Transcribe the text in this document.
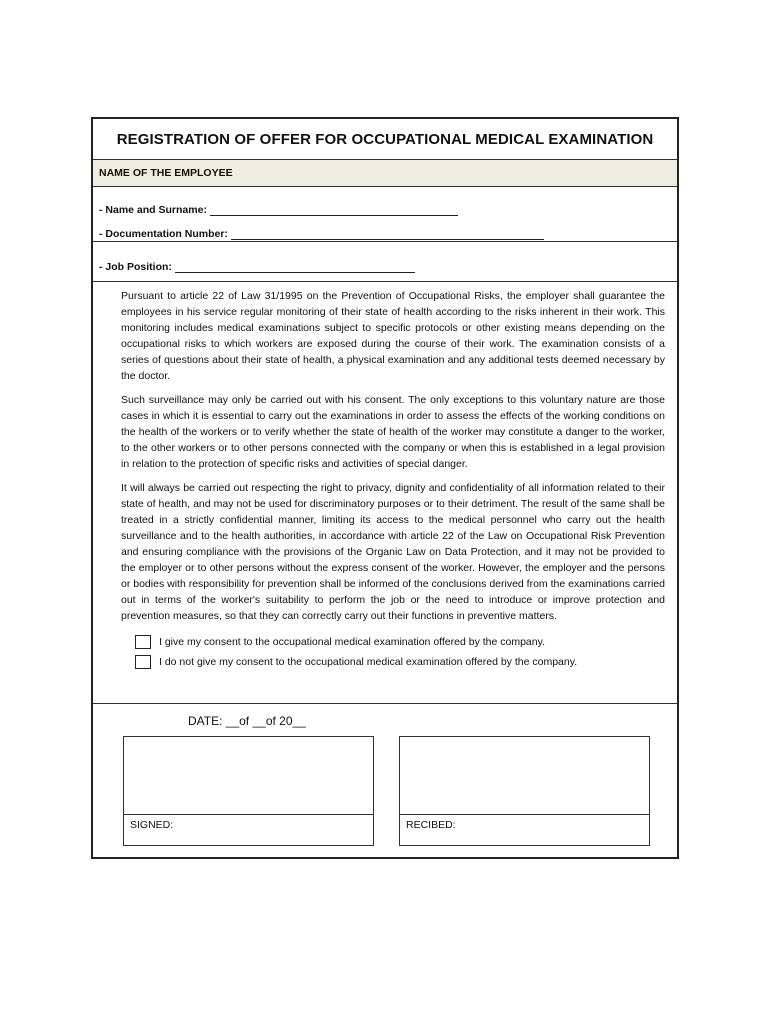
REGISTRATION OF OFFER FOR OCCUPATIONAL MEDICAL EXAMINATION
NAME OF THE EMPLOYEE
- Name and Surname:
- Documentation Number:
- Job Position:

Pursuant to article 22 of Law 31/1995 on the Prevention of Occupational Risks, the employer shall guarantee the employees in his service regular monitoring of their state of health according to the risks inherent in their work. This monitoring includes medical examinations subject to specific protocols or other existing means depending on the occupational risks to which workers are exposed during the course of their work. The examination consists of a series of questions about their state of health, a physical examination and any additional tests deemed necessary by the doctor.

Such surveillance may only be carried out with his consent. The only exceptions to this voluntary nature are those cases in which it is essential to carry out the examinations in order to assess the effects of the working conditions on the health of the workers or to verify whether the state of health of the worker may constitute a danger to the worker, to the other workers or to other persons connected with the company or when this is established in a legal provision in relation to the protection of specific risks and activities of special danger.

It will always be carried out respecting the right to privacy, dignity and confidentiality of all information related to their state of health, and may not be used for discriminatory purposes or to their detriment. The result of the same shall be treated in a strictly confidential manner, limiting its access to the medical personnel who carry out the health surveillance and to the health authorities, in accordance with article 22 of the Law on Occupational Risk Prevention and ensuring compliance with the provisions of the Organic Law on Data Protection, and it may not be provided to the employer or to other persons without the express consent of the worker. However, the employer and the persons or bodies with responsibility for prevention shall be informed of the conclusions derived from the examinations carried out in terms of the worker's suitability to perform the job or the need to introduce or improve protection and prevention measures, so that they can correctly carry out their functions in preventive matters.

I give my consent to the occupational medical examination offered by the company.
I do not give my consent to the occupational medical examination offered by the company.
DATE: __of __of 20__
SIGNED:	RECIBED:
